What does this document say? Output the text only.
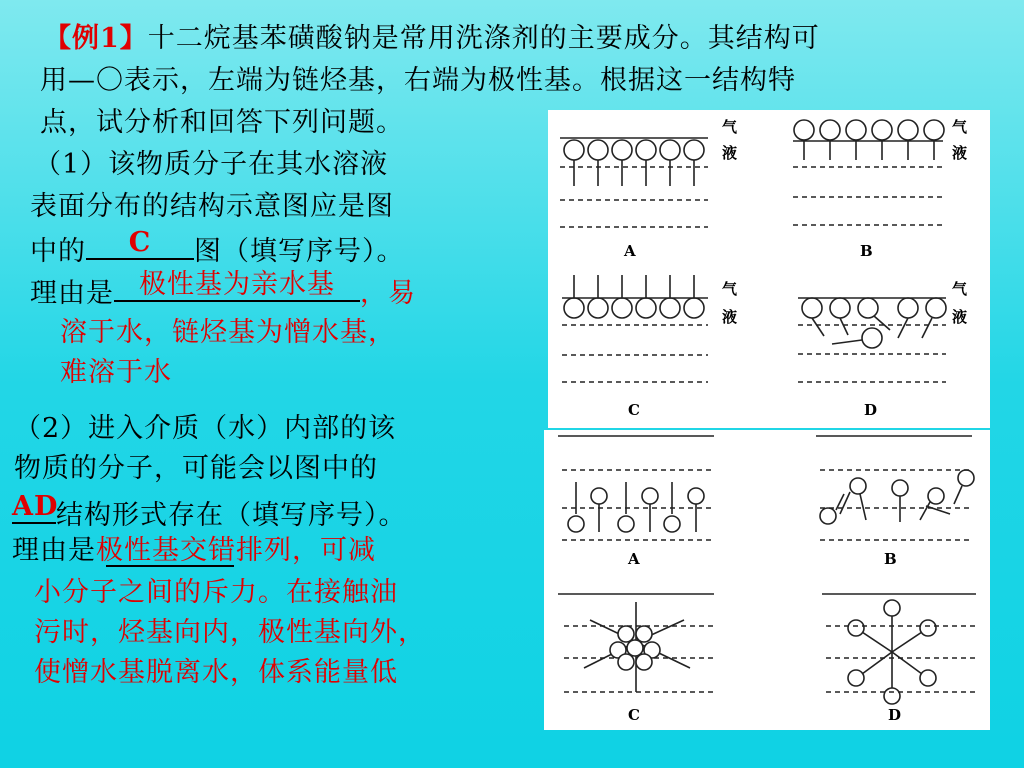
【例1】十二烷基苯磺酸钠是常用洗涤剂的主要成分。其结构可
用—〇表示，左端为链烃基，右端为极性基。根据这一结构特
点，试分析和回答下列问题。
（1）该物质分子在其水溶液
表面分布的结构示意图应是图
中的	C	图（填写序号）。
理由是 极性基为亲水基 ，易
溶于水，链烃基为憎水基，
难溶于水
（2）进入介质（水）内部的该
物质的分子，可能会以图中的
AD
结构形式存在（填写序号）。
理由是极性基交错排列，可减
小分子之间的斥力。在接触油
污时，烃基向内，极性基向外，
使憎水基脱离水，体系能量低
气
液
气
液
气
液
气
液
A	B
C	D
A	B
C	D
